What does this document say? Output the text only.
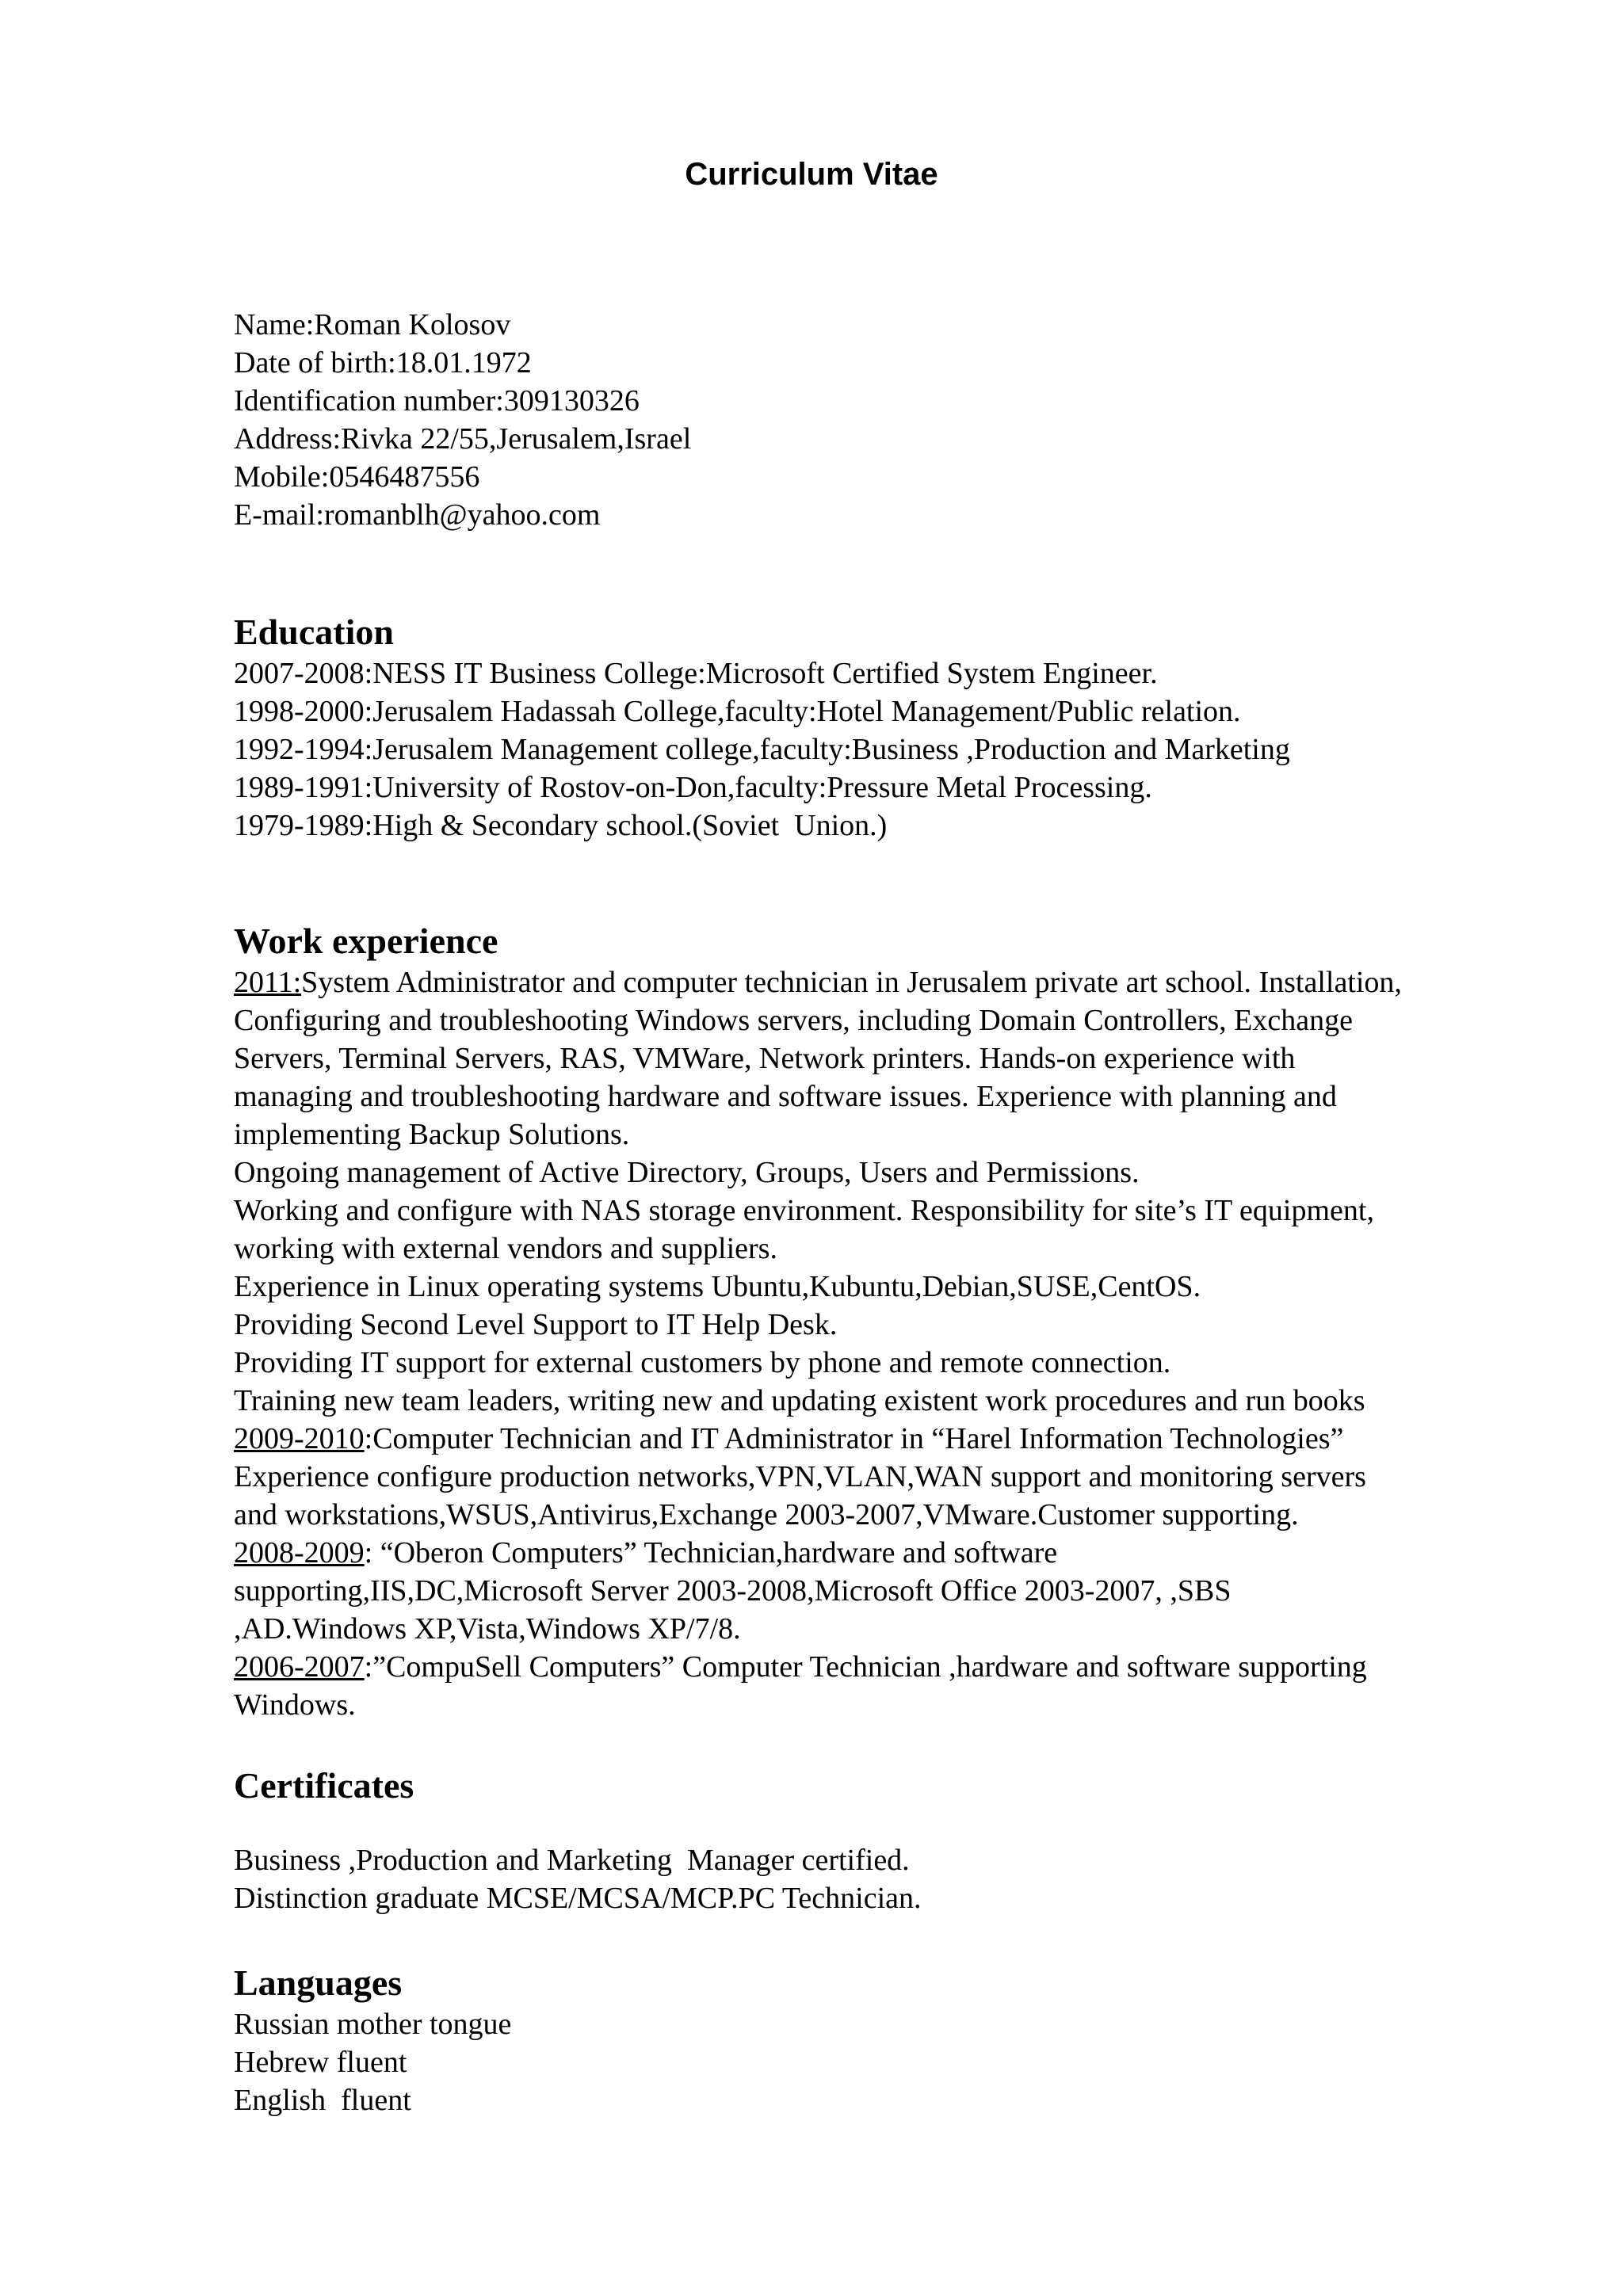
Curriculum Vitae

Name:Roman Kolosov

Date of birth:18.01.1972

Identification number:309130326

Address:Rivka 22/55,Jerusalem,Israel

Mobile:0546487556

E-mail:romanblh@yahoo.com

Education

2007-2008:NESS IT Business College:Microsoft Certified System Engineer.

1998-2000:Jerusalem Hadassah College,faculty:Hotel Management/Public relation.

1992-1994:Jerusalem Management college,faculty:Business ,Production and Marketing

1989-1991:University of Rostov-on-Don,faculty:Pressure Metal Processing.

1979-1989:High & Secondary school.(Soviet  Union.)

Work experience

2011:System Administrator and computer technician in Jerusalem private art school. Installation,
Configuring and troubleshooting Windows servers, including Domain Controllers, Exchange
Servers, Terminal Servers, RAS, VMWare, Network printers. Hands-on experience with
managing and troubleshooting hardware and software issues. Experience with planning and
implementing Backup Solutions.
Ongoing management of Active Directory, Groups, Users and Permissions.
Working and configure with NAS storage environment. Responsibility for site’s IT equipment,
working with external vendors and suppliers.
Experience in Linux operating systems Ubuntu,Kubuntu,Debian,SUSE,CentOS.
Providing Second Level Support to IT Help Desk.
Providing IT support for external customers by phone and remote connection.
Training new team leaders, writing new and updating existent work procedures and run books

2009-2010:Computer Technician and IT Administrator in “Harel Information Technologies”
Experience configure production networks,VPN,VLAN,WAN support and monitoring servers
and workstations,WSUS,Antivirus,Exchange 2003-2007,VMware.Customer supporting.

2008-2009: “Oberon Computers” Technician,hardware and software
supporting,IIS,DC,Microsoft Server 2003-2008,Microsoft Office 2003-2007, ,SBS
,AD.Windows XP,Vista,Windows XP/7/8.

2006-2007:”CompuSell Computers” Computer Technician ,hardware and software supporting
Windows.

Certificates

Business ,Production and Marketing  Manager certified.

Distinction graduate MCSE/MCSA/MCP.PC Technician.

Languages

Russian mother tongue

Hebrew fluent

English  fluent
